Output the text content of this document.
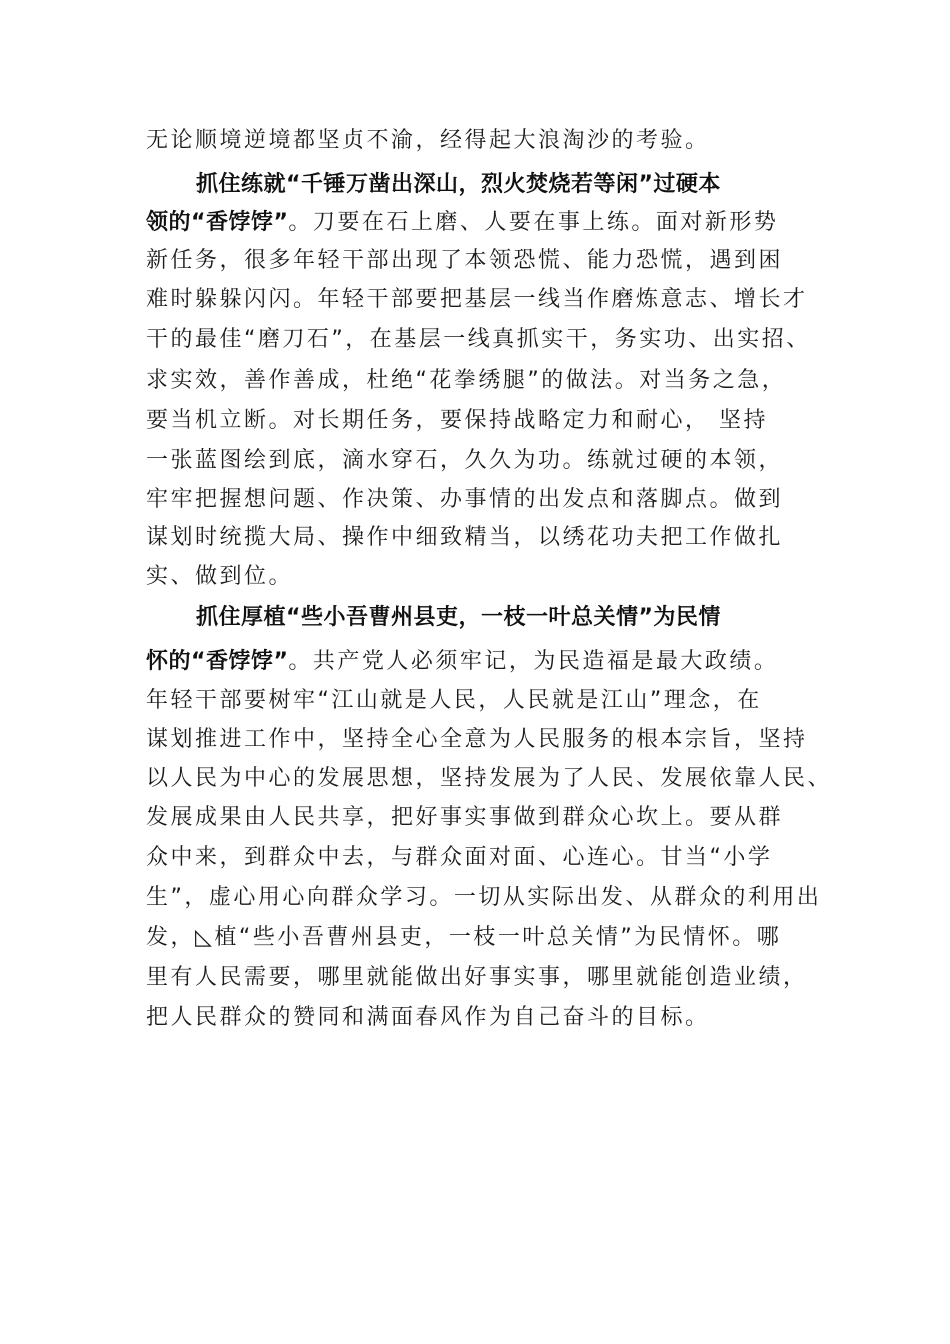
无论顺境逆境都坚贞不渝，经得起大浪淘沙的考验。
抓住练就“千锤万凿出深山，烈火焚烧若等闲”过硬本
领的“香饽饽”。刀要在石上磨、人要在事上练。面对新形势
新任务，很多年轻干部出现了本领恐慌、能力恐慌，遇到困
难时躲躲闪闪。年轻干部要把基层一线当作磨炼意志、增长才
干的最佳“磨刀石”，在基层一线真抓实干，务实功、出实招、
求实效，善作善成，杜绝“花拳绣腿”的做法。对当务之急，
要当机立断。对长期任务，要保持战略定力和耐心， 坚持
一张蓝图绘到底，滴水穿石，久久为功。练就过硬的本领，
牢牢把握想问题、作决策、办事情的出发点和落脚点。做到
谋划时统揽大局、操作中细致精当，以绣花功夫把工作做扎
实、做到位。
抓住厚植“些小吾曹州县吏，一枝一叶总关情”为民情
怀的“香饽饽”。共产党人必须牢记，为民造福是最大政绩。
年轻干部要树牢“江山就是人民，人民就是江山”理念，在
谋划推进工作中，坚持全心全意为人民服务的根本宗旨，坚持
以人民为中心的发展思想，坚持发展为了人民、发展依靠人民、
发展成果由人民共享，把好事实事做到群众心坎上。要从群
众中来，到群众中去，与群众面对面、心连心。甘当“小学
生”，虚心用心向群众学习。一切从实际出发、从群众的利用出
发，◺植“些小吾曹州县吏，一枝一叶总关情”为民情怀。哪
里有人民需要，哪里就能做出好事实事，哪里就能创造业绩，
把人民群众的赞同和满面春风作为自己奋斗的目标。
